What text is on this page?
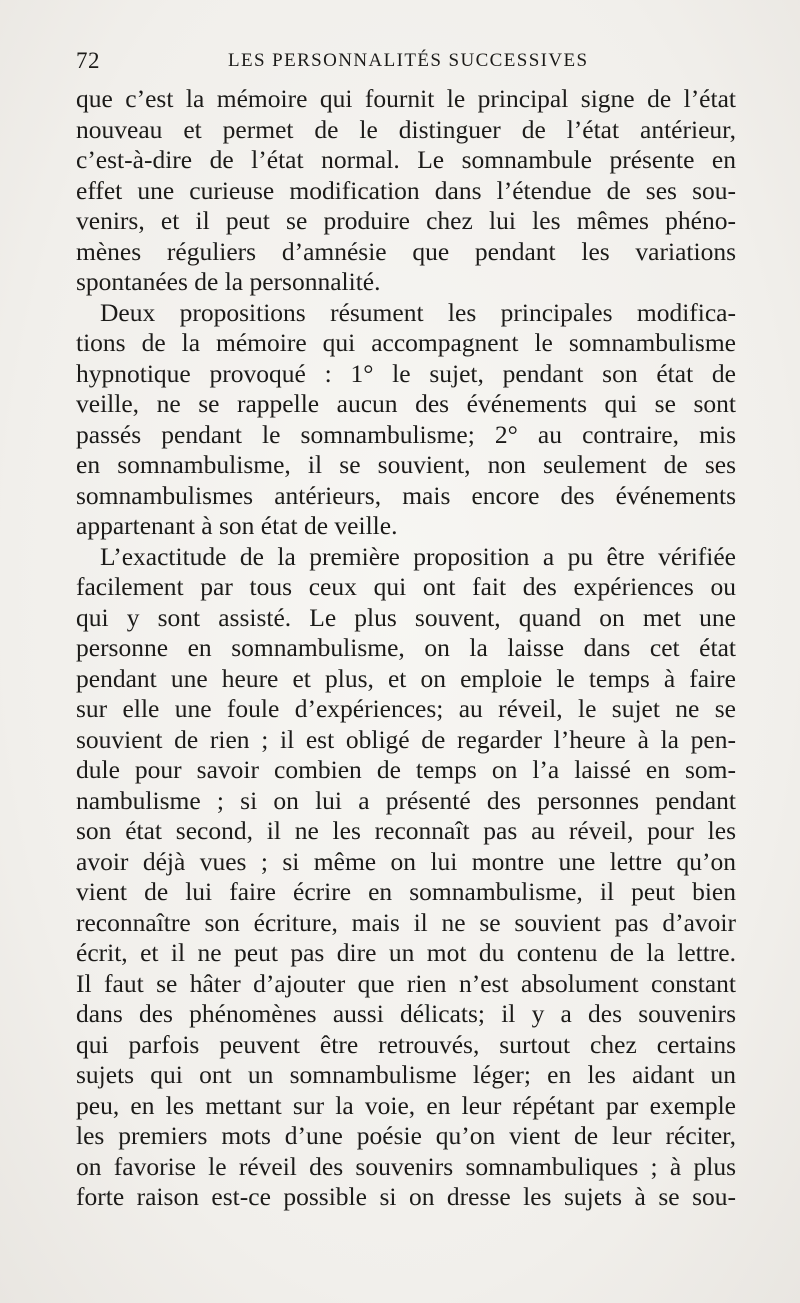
72	LES PERSONNALITÉS SUCCESSIVES
que c’est la mémoire qui fournit le principal signe de l’état
nouveau et permet de le distinguer de l’état antérieur,
c’est-à-dire de l’état normal. Le somnambule présente en
effet une curieuse modification dans l’étendue de ses sou-
venirs, et il peut se produire chez lui les mêmes phéno-
mènes réguliers d’amnésie que pendant les variations
spontanées de la personnalité.
Deux propositions résument les principales modifica-
tions de la mémoire qui accompagnent le somnambulisme
hypnotique provoqué : 1° le sujet, pendant son état de
veille, ne se rappelle aucun des événements qui se sont
passés pendant le somnambulisme; 2° au contraire, mis
en somnambulisme, il se souvient, non seulement de ses
somnambulismes antérieurs, mais encore des événements
appartenant à son état de veille.
L’exactitude de la première proposition a pu être vérifiée
facilement par tous ceux qui ont fait des expériences ou
qui y sont assisté. Le plus souvent, quand on met une
personne en somnambulisme, on la laisse dans cet état
pendant une heure et plus, et on emploie le temps à faire
sur elle une foule d’expériences; au réveil, le sujet ne se
souvient de rien ; il est obligé de regarder l’heure à la pen-
dule pour savoir combien de temps on l’a laissé en som-
nambulisme ; si on lui a présenté des personnes pendant
son état second, il ne les reconnaît pas au réveil, pour les
avoir déjà vues ; si même on lui montre une lettre qu’on
vient de lui faire écrire en somnambulisme, il peut bien
reconnaître son écriture, mais il ne se souvient pas d’avoir
écrit, et il ne peut pas dire un mot du contenu de la lettre.
Il faut se hâter d’ajouter que rien n’est absolument constant
dans des phénomènes aussi délicats; il y a des souvenirs
qui parfois peuvent être retrouvés, surtout chez certains
sujets qui ont un somnambulisme léger; en les aidant un
peu, en les mettant sur la voie, en leur répétant par exemple
les premiers mots d’une poésie qu’on vient de leur réciter,
on favorise le réveil des souvenirs somnambuliques ; à plus
forte raison est-ce possible si on dresse les sujets à se sou-
